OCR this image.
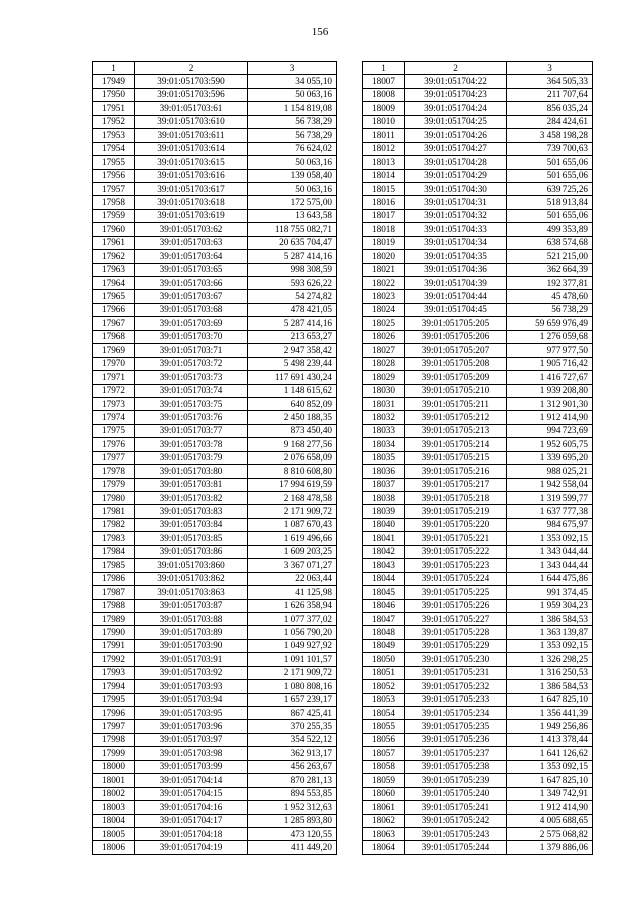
156
1	2	3
17949	39:01:051703:590	34 055,10
17950	39:01:051703:596	50 063,16
17951	39:01:051703:61	1 154 819,08
17952	39:01:051703:610	56 738,29
17953	39:01:051703:611	56 738,29
17954	39:01:051703:614	76 624,02
17955	39:01:051703:615	50 063,16
17956	39:01:051703:616	139 058,40
17957	39:01:051703:617	50 063,16
17958	39:01:051703:618	172 575,00
17959	39:01:051703:619	13 643,58
17960	39:01:051703:62	118 755 082,71
17961	39:01:051703:63	20 635 704,47
17962	39:01:051703:64	5 287 414,16
17963	39:01:051703:65	998 308,59
17964	39:01:051703:66	593 626,22
17965	39:01:051703:67	54 274,82
17966	39:01:051703:68	478 421,05
17967	39:01:051703:69	5 287 414,16
17968	39:01:051703:70	213 653,27
17969	39:01:051703:71	2 947 358,42
17970	39:01:051703:72	5 498 239,44
17971	39:01:051703:73	117 691 430,24
17972	39:01:051703:74	1 148 615,62
17973	39:01:051703:75	640 852,09
17974	39:01:051703:76	2 450 188,35
17975	39:01:051703:77	873 450,40
17976	39:01:051703:78	9 168 277,56
17977	39:01:051703:79	2 076 658,09
17978	39:01:051703:80	8 810 608,80
17979	39:01:051703:81	17 994 619,59
17980	39:01:051703:82	2 168 478,58
17981	39:01:051703:83	2 171 909,72
17982	39:01:051703:84	1 087 670,43
17983	39:01:051703:85	1 619 496,66
17984	39:01:051703:86	1 609 203,25
17985	39:01:051703:860	3 367 071,27
17986	39:01:051703:862	22 063,44
17987	39:01:051703:863	41 125,98
17988	39:01:051703:87	1 626 358,94
17989	39:01:051703:88	1 077 377,02
17990	39:01:051703:89	1 056 790,20
17991	39:01:051703:90	1 049 927,92
17992	39:01:051703:91	1 091 101,57
17993	39:01:051703:92	2 171 909,72
17994	39:01:051703:93	1 080 808,16
17995	39:01:051703:94	1 657 239,17
17996	39:01:051703:95	867 425,41
17997	39:01:051703:96	370 255,35
17998	39:01:051703:97	354 522,12
17999	39:01:051703:98	362 913,17
18000	39:01:051703:99	456 263,67
18001	39:01:051704:14	870 281,13
18002	39:01:051704:15	894 553,85
18003	39:01:051704:16	1 952 312,63
18004	39:01:051704:17	1 285 893,80
18005	39:01:051704:18	473 120,55
18006	39:01:051704:19	411 449,20
1	2	3
18007	39:01:051704:22	364 505,33
18008	39:01:051704:23	211 707,64
18009	39:01:051704:24	856 035,24
18010	39:01:051704:25	284 424,61
18011	39:01:051704:26	3 458 198,28
18012	39:01:051704:27	739 700,63
18013	39:01:051704:28	501 655,06
18014	39:01:051704:29	501 655,06
18015	39:01:051704:30	639 725,26
18016	39:01:051704:31	518 913,84
18017	39:01:051704:32	501 655,06
18018	39:01:051704:33	499 353,89
18019	39:01:051704:34	638 574,68
18020	39:01:051704:35	521 215,00
18021	39:01:051704:36	362 664,39
18022	39:01:051704:39	192 377,81
18023	39:01:051704:44	45 478,60
18024	39:01:051704:45	56 738,29
18025	39:01:051705:205	59 659 976,49
18026	39:01:051705:206	1 276 059,68
18027	39:01:051705:207	977 977,50
18028	39:01:051705:208	1 905 716,42
18029	39:01:051705:209	1 416 727,67
18030	39:01:051705:210	1 939 208,80
18031	39:01:051705:211	1 312 901,30
18032	39:01:051705:212	1 912 414,90
18033	39:01:051705:213	994 723,69
18034	39:01:051705:214	1 952 605,75
18035	39:01:051705:215	1 339 695,20
18036	39:01:051705:216	988 025,21
18037	39:01:051705:217	1 942 558,04
18038	39:01:051705:218	1 319 599,77
18039	39:01:051705:219	1 637 777,38
18040	39:01:051705:220	984 675,97
18041	39:01:051705:221	1 353 092,15
18042	39:01:051705:222	1 343 044,44
18043	39:01:051705:223	1 343 044,44
18044	39:01:051705:224	1 644 475,86
18045	39:01:051705:225	991 374,45
18046	39:01:051705:226	1 959 304,23
18047	39:01:051705:227	1 386 584,53
18048	39:01:051705:228	1 363 139,87
18049	39:01:051705:229	1 353 092,15
18050	39:01:051705:230	1 326 298,25
18051	39:01:051705:231	1 316 250,53
18052	39:01:051705:232	1 386 584,53
18053	39:01:051705:233	1 647 825,10
18054	39:01:051705:234	1 356 441,39
18055	39:01:051705:235	1 949 256,86
18056	39:01:051705:236	1 413 378,44
18057	39:01:051705:237	1 641 126,62
18058	39:01:051705:238	1 353 092,15
18059	39:01:051705:239	1 647 825,10
18060	39:01:051705:240	1 349 742,91
18061	39:01:051705:241	1 912 414,90
18062	39:01:051705:242	4 005 688,65
18063	39:01:051705:243	2 575 068,82
18064	39:01:051705:244	1 379 886,06
